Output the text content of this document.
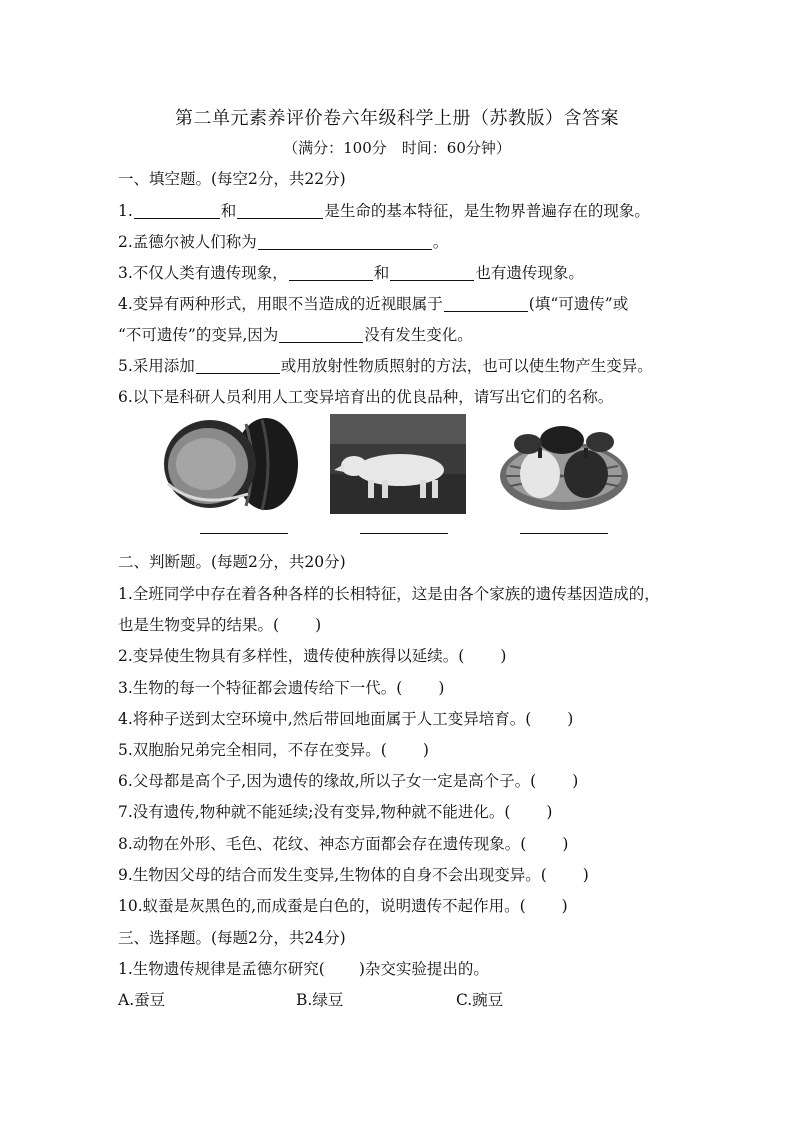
第二单元素养评价卷六年级科学上册（苏教版）含答案
（满分：100分　时间：60分钟）
一、填空题。(每空2分，共22分)
1.	和	是生命的基本特征，是生物界普遍存在的现象。
2.孟德尔被人们称为	。
3.不仅人类有遗传现象，	和	也有遗传现象。
4.变异有两种形式，用眼不当造成的近视眼属于	(填“可遗传”或
“不可遗传”的变异,因为	没有发生变化。
5.采用添加	或用放射性物质照射的方法，也可以使生物产生变异。
6.以下是科研人员利用人工变异培育出的优良品种，请写出它们的名称。
二、判断题。(每题2分，共20分)
1.全班同学中存在着各种各样的长相特征，这是由各个家族的遗传基因造成的，
也是生物变异的结果。( )
2.变异使生物具有多样性，遗传使种族得以延续。( )
3.生物的每一个特征都会遗传给下一代。( )
4.将种子送到太空环境中,然后带回地面属于人工变异培育。( )
5.双胞胎兄弟完全相同，不存在变异。( )
6.父母都是高个子,因为遗传的缘故,所以子女一定是高个子。( )
7.没有遗传,物种就不能延续;没有变异,物种就不能进化。( )
8.动物在外形、毛色、花纹、神态方面都会存在遗传现象。( )
9.生物因父母的结合而发生变异,生物体的自身不会出现变异。( )
10.蚁蚕是灰黑色的,而成蚕是白色的，说明遗传不起作用。( )
三、选择题。(每题2分，共24分)
1.生物遗传规律是孟德尔研究( )杂交实验提出的。
A.蚕豆	B.绿豆	C.豌豆
